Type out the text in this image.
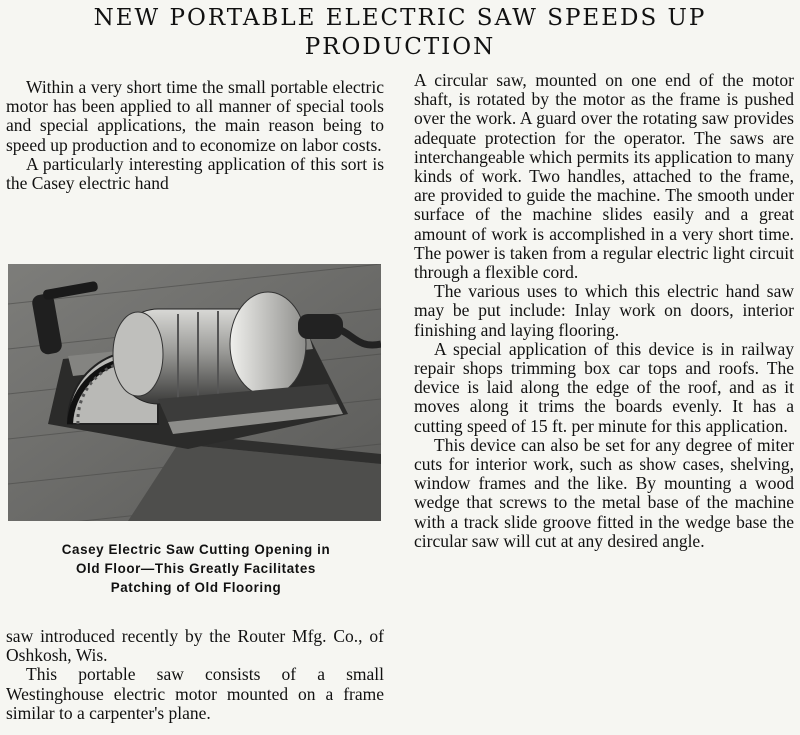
NEW PORTABLE ELECTRIC SAW SPEEDS UP
PRODUCTION

Within a very short time the small portable electric motor has been applied to all manner of special tools and special applications, the main reason being to speed up production and to economize on labor costs.

A particularly interesting application of this sort is the Casey electric hand

Casey Electric Saw Cutting Opening in
Old Floor—This Greatly Facilitates
Patching of Old Flooring

saw introduced recently by the Router Mfg. Co., of Oshkosh, Wis.

This portable saw consists of a small Westinghouse electric motor mounted on a frame similar to a carpenter's plane.

A circular saw, mounted on one end of the motor shaft, is rotated by the motor as the frame is pushed over the work. A guard over the rotating saw provides adequate protection for the operator. The saws are interchangeable which permits its application to many kinds of work. Two handles, attached to the frame, are provided to guide the machine. The smooth under surface of the machine slides easily and a great amount of work is accomplished in a very short time. The power is taken from a regular electric light circuit through a flexible cord.

The various uses to which this electric hand saw may be put include: Inlay work on doors, interior finishing and laying flooring.

A special application of this device is in railway repair shops trimming box car tops and roofs. The device is laid along the edge of the roof, and as it moves along it trims the boards evenly. It has a cutting speed of 15 ft. per minute for this application.

This device can also be set for any degree of miter cuts for interior work, such as show cases, shelving, window frames and the like. By mounting a wood wedge that screws to the metal base of the machine with a track slide groove fitted in the wedge base the circular saw will cut at any desired angle.
